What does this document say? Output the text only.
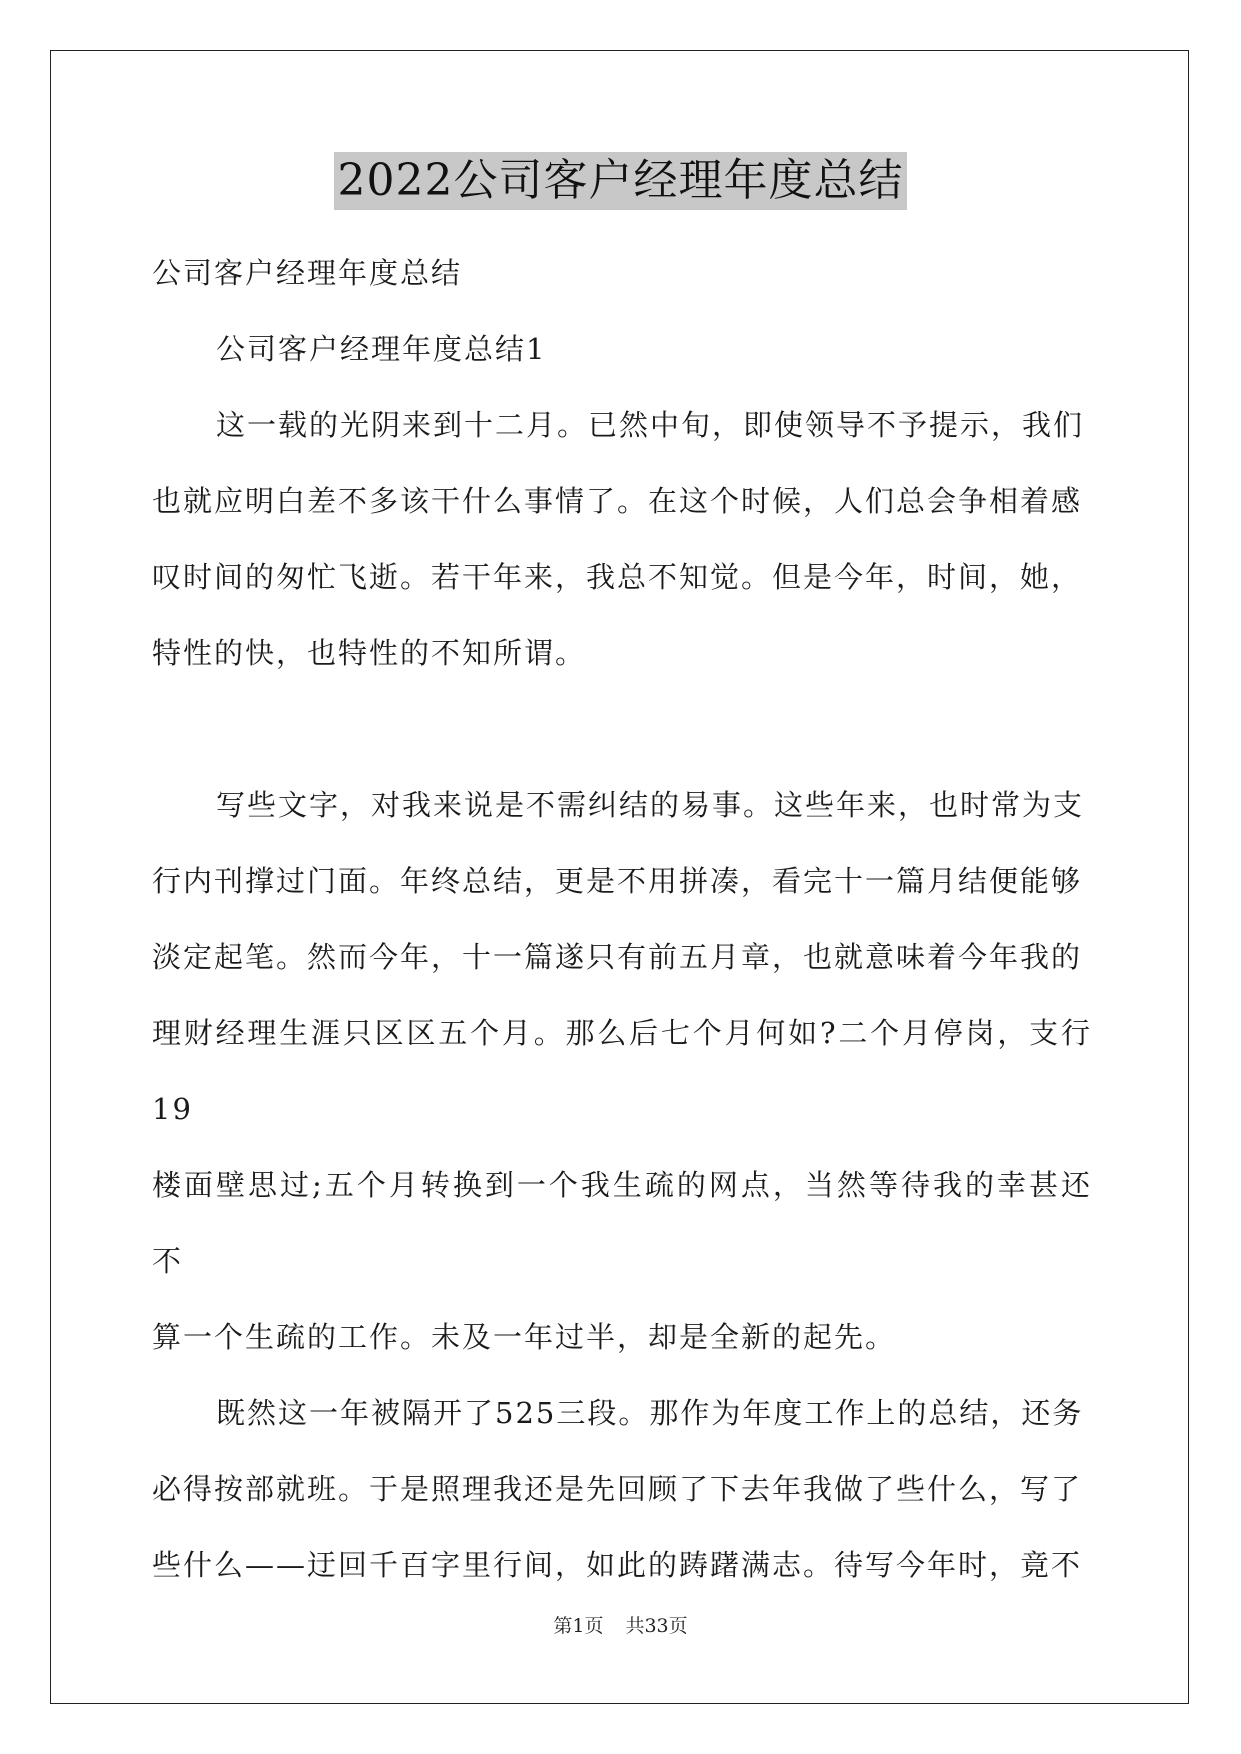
2022公司客户经理年度总结

公司客户经理年度总结

公司客户经理年度总结1

这一载的光阴来到十二月。已然中旬，即使领导不予提示，我们

也就应明白差不多该干什么事情了。在这个时候，人们总会争相着感

叹时间的匆忙飞逝。若干年来，我总不知觉。但是今年，时间，她，

特性的快，也特性的不知所谓。

写些文字，对我来说是不需纠结的易事。这些年来，也时常为支

行内刊撑过门面。年终总结，更是不用拼凑，看完十一篇月结便能够

淡定起笔。然而今年，十一篇遂只有前五月章，也就意味着今年我的

理财经理生涯只区区五个月。那么后七个月何如?二个月停岗，支行19

楼面壁思过;五个月转换到一个我生疏的网点，当然等待我的幸甚还不

算一个生疏的工作。未及一年过半，却是全新的起先。

既然这一年被隔开了525三段。那作为年度工作上的总结，还务

必得按部就班。于是照理我还是先回顾了下去年我做了些什么，写了

些什么——迂回千百字里行间，如此的踌躇满志。待写今年时，竟不

第1页 共33页
